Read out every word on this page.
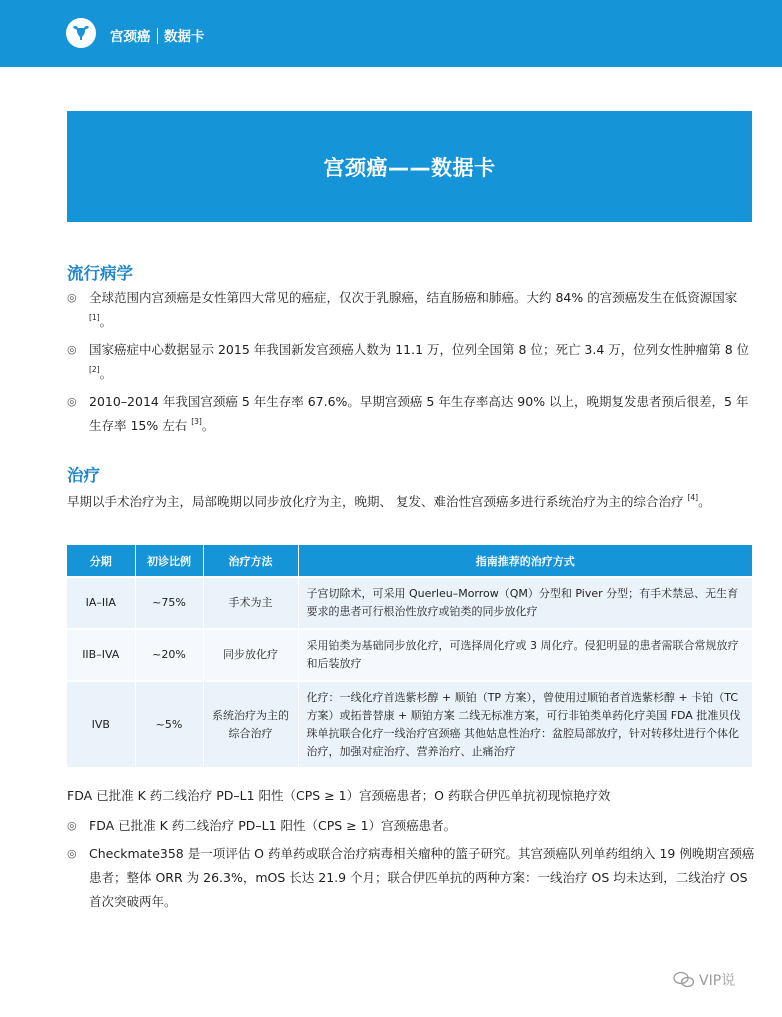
宫颈癌 数据卡
宫颈癌——数据卡
流行病学
◎ 全球范围内宫颈癌是女性第四大常见的癌症，仅次于乳腺癌，结直肠癌和肺癌。大约 84% 的宫颈癌发生在低资源国家 [1]。
◎ 国家癌症中心数据显示 2015 年我国新发宫颈癌人数为 11.1 万，位列全国第 8 位；死亡 3.4 万，位列女性肿瘤第 8 位 [2]。
◎ 2010–2014 年我国宫颈癌 5 年生存率 67.6%。早期宫颈癌 5 年生存率高达 90% 以上，晚期复发患者预后很差，5 年生存率 15% 左右 [3]。
治疗

早期以手术治疗为主，局部晚期以同步放化疗为主，晚期、 复发、难治性宫颈癌多进行系统治疗为主的综合治疗 [4]。

分期	初诊比例	治疗方法	指南推荐的治疗方式
IA–IIA	~75%	手术为主	子宫切除术，可采用 Querleu–Morrow（QM）分型和 Piver 分型；有手术禁忌、无生育要求的患者可行根治性放疗或铂类的同步放化疗
IIB–IVA	~20%	同步放化疗	采用铂类为基础同步放化疗，可选择周化疗或 3 周化疗。侵犯明显的患者需联合常规放疗和后装放疗
IVB	~5%	系统治疗为主的综合治疗	化疗：一线化疗首选紫杉醇 + 顺铂（TP 方案），曾使用过顺铂者首选紫杉醇 + 卡铂（TC 方案）或拓普替康 + 顺铂方案 二线无标准方案，可行非铂类单药化疗美国 FDA 批准贝伐珠单抗联合化疗一线治疗宫颈癌 其他姑息性治疗：盆腔局部放疗，针对转移灶进行个体化治疗，加强对症治疗、营养治疗、止痛治疗

FDA 已批准 K 药二线治疗 PD–L1 阳性（CPS ≥ 1）宫颈癌患者；O 药联合伊匹单抗初现惊艳疗效

◎ FDA 已批准 K 药二线治疗 PD–L1 阳性（CPS ≥ 1）宫颈癌患者。
◎ Checkmate358 是一项评估 O 药单药或联合治疗病毒相关瘤种的篮子研究。其宫颈癌队列单药组纳入 19 例晚期宫颈癌患者；整体 ORR 为 26.3%，mOS 长达 21.9 个月；联合伊匹单抗的两种方案：一线治疗 OS 均未达到，二线治疗 OS 首次突破两年。
VIP说
